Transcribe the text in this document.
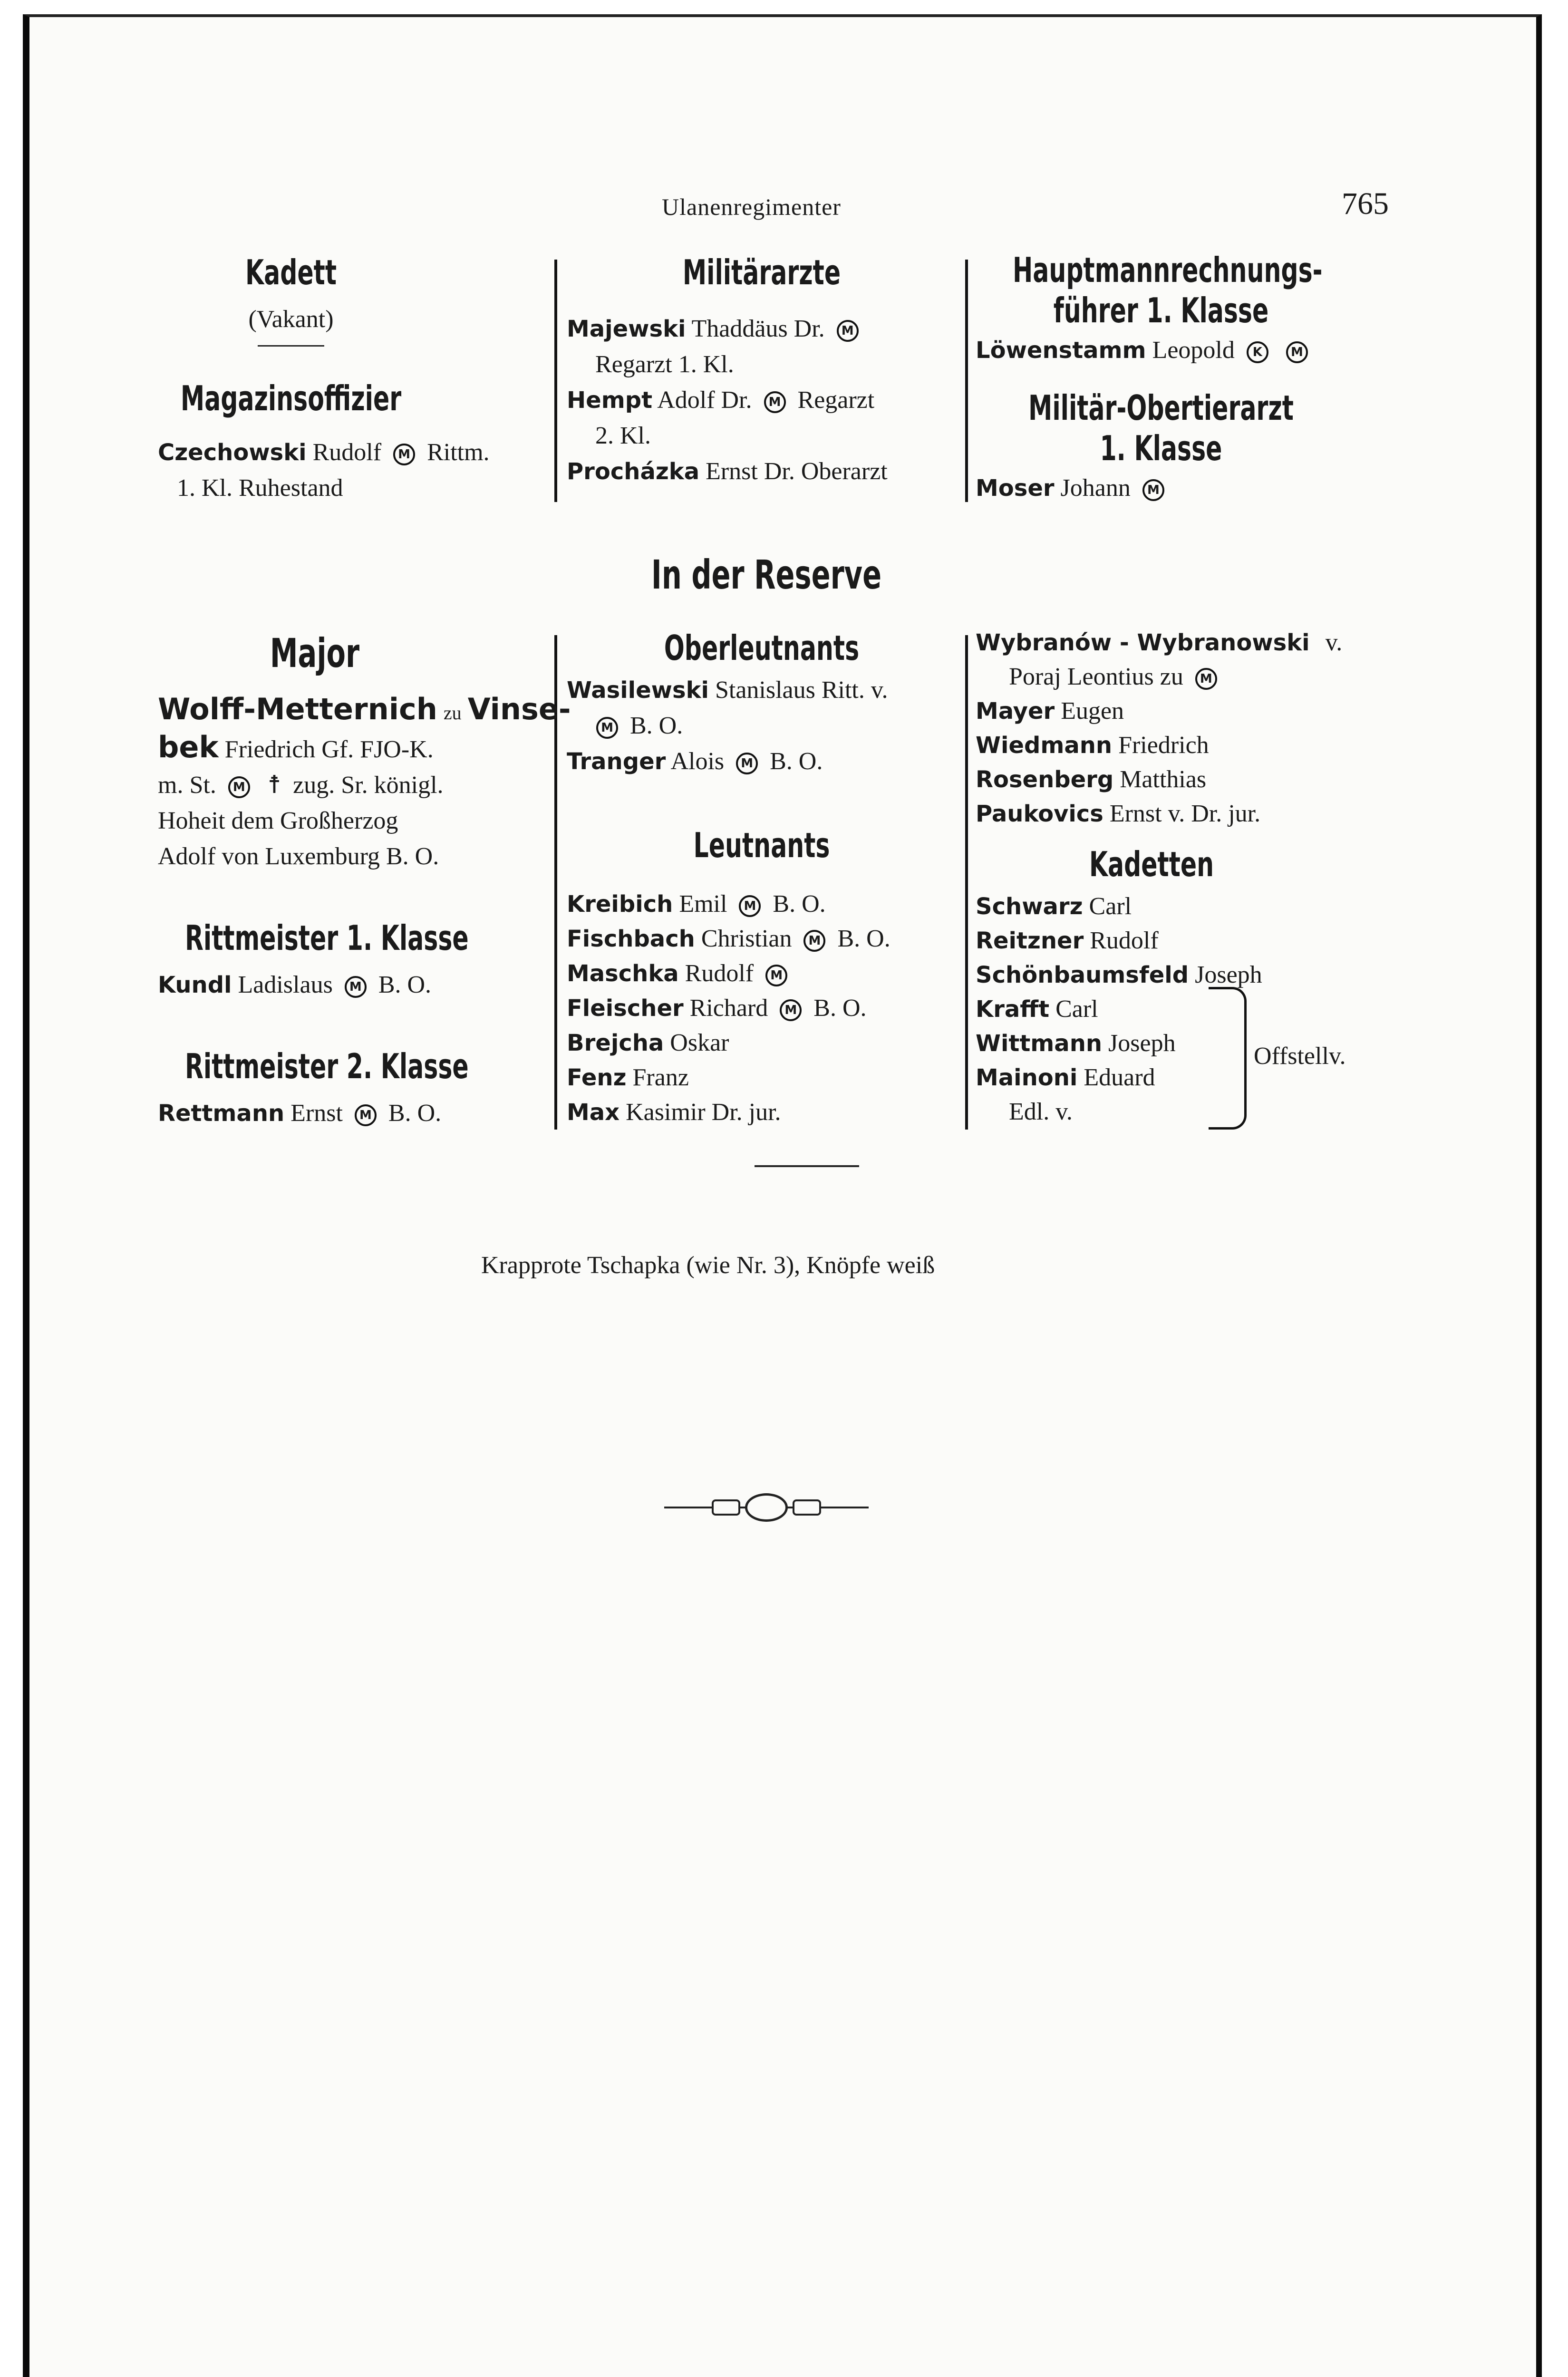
Ulanenregimenter	765
Kadett
(Vakant)
Magazinsoffizier
Czechowski Rudolf M Rittm.
1. Kl. Ruhestand
Militärarzte
Majewski Thaddäus Dr. M
Regarzt 1. Kl.
Hempt Adolf Dr. M Regarzt
2. Kl.
Procházka Ernst Dr. Oberarzt
Hauptmannrechnungs-
führer 1. Klasse
Löwenstamm Leopold K M
Militär-Obertierarzt
1. Klasse
Moser Johann M
In der Reserve
Major
Wolff-Metternich zu Vinse-
bek Friedrich Gf. FJO-K.
m. St. M ☨ zug. Sr. königl.
Hoheit dem Großherzog
Adolf von Luxemburg B. O.
Rittmeister 1. Klasse
Kundl Ladislaus M B. O.
Rittmeister 2. Klasse
Rettmann Ernst M B. O.
Oberleutnants
Wasilewski Stanislaus Ritt. v.
M B. O.
Tranger Alois M B. O.
Leutnants
Kreibich Emil M B. O.
Fischbach Christian M B. O.
Maschka Rudolf M
Fleischer Richard M B. O.
Brejcha Oskar
Fenz Franz
Max Kasimir Dr. jur.
Wybranów - Wybranowski v.
Poraj Leontius zu M
Mayer Eugen
Wiedmann Friedrich
Rosenberg Matthias
Paukovics Ernst v. Dr. jur.
Kadetten
Schwarz Carl
Reitzner Rudolf
Schönbaumsfeld Joseph
Krafft Carl
Wittmann Joseph
Mainoni Eduard
Edl. v.
Offstellv.
Krapprote Tschapka (wie Nr. 3), Knöpfe weiß
